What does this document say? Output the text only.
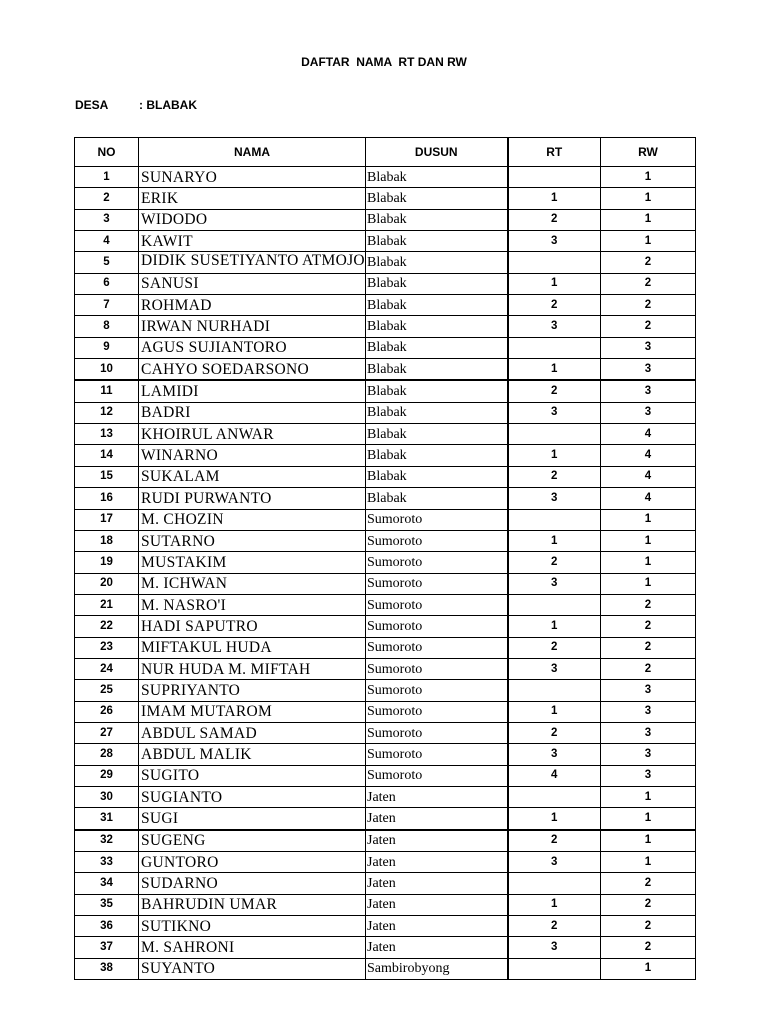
DAFTAR  NAMA  RT DAN RW
DESA	: BLABAK
NO	NAMA	DUSUN	RT	RW
1	SUNARYO	Blabak		1
2	ERIK	Blabak	1	1
3	WIDODO	Blabak	2	1
4	KAWIT	Blabak	3	1
5	DIDIK SUSETIYANTO ATMOJO	Blabak		2
6	SANUSI	Blabak	1	2
7	ROHMAD	Blabak	2	2
8	IRWAN NURHADI	Blabak	3	2
9	AGUS SUJIANTORO	Blabak		3
10	CAHYO SOEDARSONO	Blabak	1	3
11	LAMIDI	Blabak	2	3
12	BADRI	Blabak	3	3
13	KHOIRUL ANWAR	Blabak		4
14	WINARNO	Blabak	1	4
15	SUKALAM	Blabak	2	4
16	RUDI PURWANTO	Blabak	3	4
17	M. CHOZIN	Sumoroto		1
18	SUTARNO	Sumoroto	1	1
19	MUSTAKIM	Sumoroto	2	1
20	M. ICHWAN	Sumoroto	3	1
21	M. NASRO'I	Sumoroto		2
22	HADI SAPUTRO	Sumoroto	1	2
23	MIFTAKUL HUDA	Sumoroto	2	2
24	NUR HUDA M. MIFTAH	Sumoroto	3	2
25	SUPRIYANTO	Sumoroto		3
26	IMAM MUTAROM	Sumoroto	1	3
27	ABDUL SAMAD	Sumoroto	2	3
28	ABDUL MALIK	Sumoroto	3	3
29	SUGITO	Sumoroto	4	3
30	SUGIANTO	Jaten		1
31	SUGI	Jaten	1	1
32	SUGENG	Jaten	2	1
33	GUNTORO	Jaten	3	1
34	SUDARNO	Jaten		2
35	BAHRUDIN UMAR	Jaten	1	2
36	SUTIKNO	Jaten	2	2
37	M. SAHRONI	Jaten	3	2
38	SUYANTO	Sambirobyong		1
